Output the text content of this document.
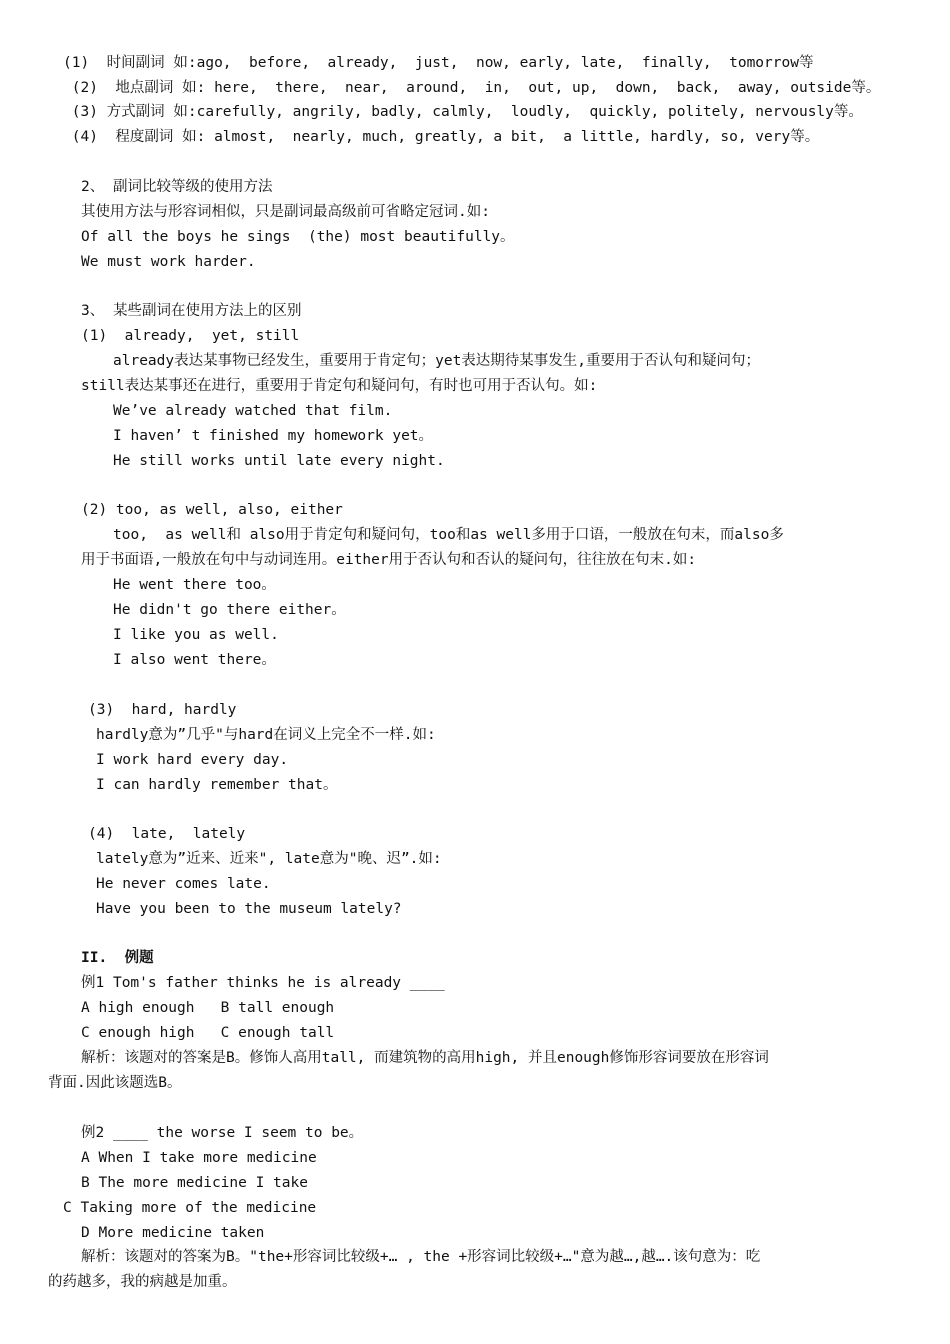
(1)  时间副词 如:ago,  before,  already,  just,  now, early, late,  finally,  tomorrow等
(2)  地点副词 如: here,  there,  near,  around,  in,  out, up,  down,  back,  away, outside等。
(3) 方式副词 如:carefully, angrily, badly, calmly,  loudly,  quickly, politely, nervously等。
(4)  程度副词 如: almost,  nearly, much, greatly, a bit,  a little, hardly, so, very等。
2、 副词比较等级的使用方法
其使用方法与形容词相似，只是副词最高级前可省略定冠词.如:
Of all the boys he sings  (the) most beautifully。
We must work harder.
3、 某些副词在使用方法上的区别
(1)  already,  yet, still
already表达某事物已经发生，重要用于肯定句；yet表达期待某事发生,重要用于否认句和疑问句；
still表达某事还在进行，重要用于肯定句和疑问句，有时也可用于否认句。如:
We’ve already watched that film.
I haven’ t finished my homework yet。
He still works until late every night.
(2) too, as well, also, either
too,  as well和 also用于肯定句和疑问句，too和as well多用于口语，一般放在句末，而also多
用于书面语,一般放在句中与动词连用。either用于否认句和否认的疑问句，往往放在句末.如:
He went there too。
He didn't go there either。
I like you as well.
I also went there。
(3)  hard, hardly
hardly意为”几乎"与hard在词义上完全不一样.如:
I work hard every day.
I can hardly remember that。
(4)  late,  lately
lately意为”近来、近来", late意为"晚、迟”.如:
He never comes late.
Have you been to the museum lately?
II.  例题
例1 Tom's father thinks he is already ____
A high enough   B tall enough
C enough high   C enough tall
解析：该题对的答案是B。修饰人高用tall, 而建筑物的高用high, 并且enough修饰形容词要放在形容词
背面.因此该题选B。
例2 ____ the worse I seem to be。
A When I take more medicine
B The more medicine I take
C Taking more of the medicine
D More medicine taken
解析：该题对的答案为B。"the+形容词比较级+… , the +形容词比较级+…"意为越…,越….该句意为：吃
的药越多，我的病越是加重。
